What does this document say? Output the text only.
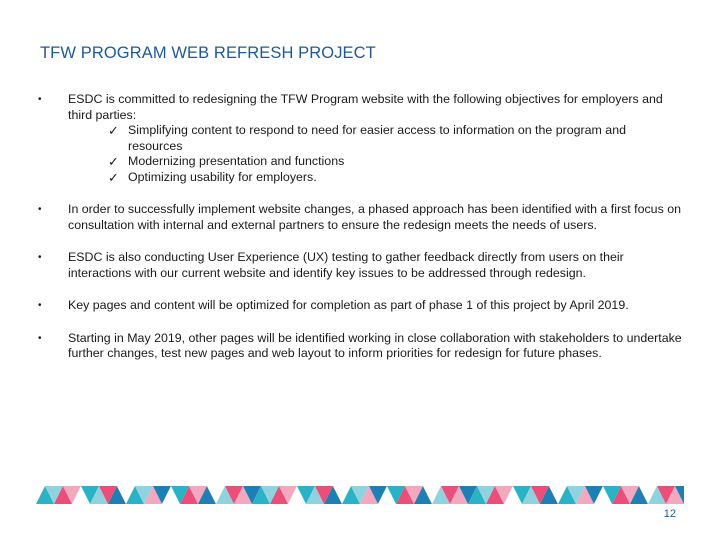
TFW PROGRAM WEB REFRESH PROJECT
• ESDC is committed to redesigning the TFW Program website with the following objectives for employers and third parties:
✓ Simplifying content to respond to need for easier access to information on the program and resources
✓ Modernizing presentation and functions
✓ Optimizing usability for employers.
• In order to successfully implement website changes, a phased approach has been identified with a first focus on consultation with internal and external partners to ensure the redesign meets the needs of users.
• ESDC is also conducting User Experience (UX) testing to gather feedback directly from users on their interactions with our current website and identify key issues to be addressed through redesign.
• Key pages and content will be optimized for completion as part of phase 1 of this project by April 2019.
• Starting in May 2019, other pages will be identified working in close collaboration with stakeholders to undertake further changes, test new pages and web layout to inform priorities for redesign for future phases.
12
